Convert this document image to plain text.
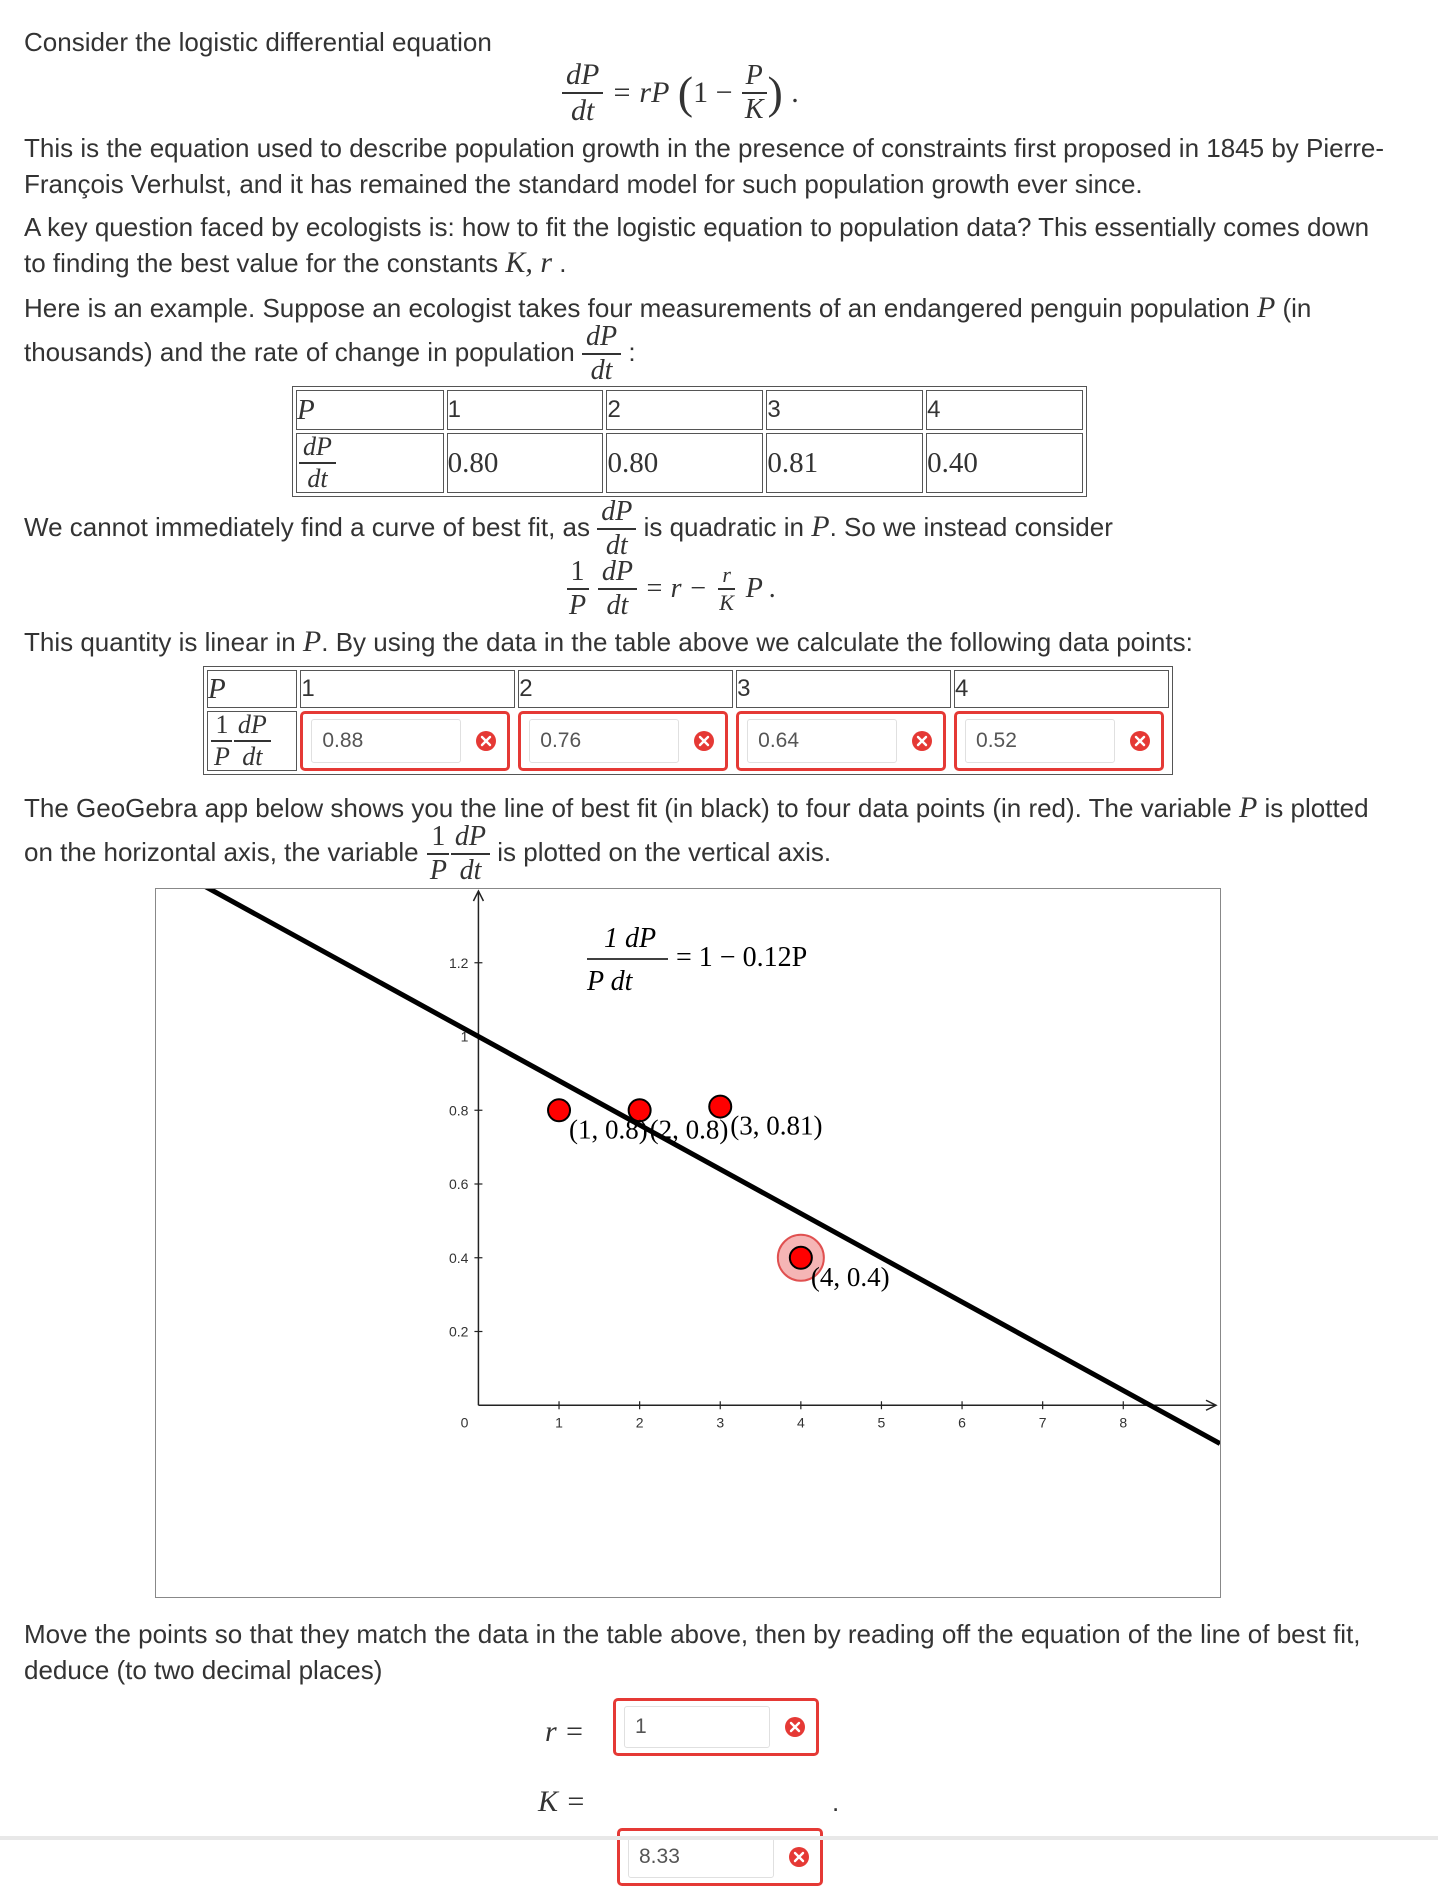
Consider the logistic differential equation

$\frac{dP}{dt}$ = rP ($1 - \frac{P}{K}$ ) .

This is the equation used to describe population growth in the presence of constraints first proposed in 1845 by Pierre-

François Verhulst, and it has remained the standard model for such population growth ever since.

A key question faced by ecologists is: how to fit the logistic equation to population data? This essentially comes down

to finding the best value for the constants K, r .

Here is an example. Suppose an ecologist takes four measurements of an endangered penguin population P (in

thousands) and the rate of change in population $\frac{dP}{dt}$ :

P	1	2	3	4

$\frac{dP}{dt}$	0.80	0.80	0.81	0.40

We cannot immediately find a curve of best fit, as $\frac{dP}{dt}$ is quadratic in P. So we instead consider

$\frac{1}{P}$
$\frac{dP}{dt} = r - \frac{r}{K}$ P .

This quantity is linear in P. By using the data in the table above we calculate the following data points:

P	1	2	3	4

$\frac{1}{P} \frac{dP}{dt}$	0.88	0.76	0.64	0.52

The GeoGebra app below shows you the line of best fit (in black) to four data points (in red). The variable P is plotted

on the horizontal axis, the variable $\frac{1}{P} \frac{dP}{dt}$ is plotted on the vertical axis.

1	2	3	4	5	6	7	8
0
0.2
0.4
0.6
0.8
1
1.2
(1, 0.8) (2, 0.8) (3, 0.81)
(4, 0.4)
1 dP
P dt
= 1 − 0.12P

Move the points so that they match the data in the table above, then by reading off the equation of the line of best fit,

deduce (to two decimal places)

r =	1
K =
8.33
.
